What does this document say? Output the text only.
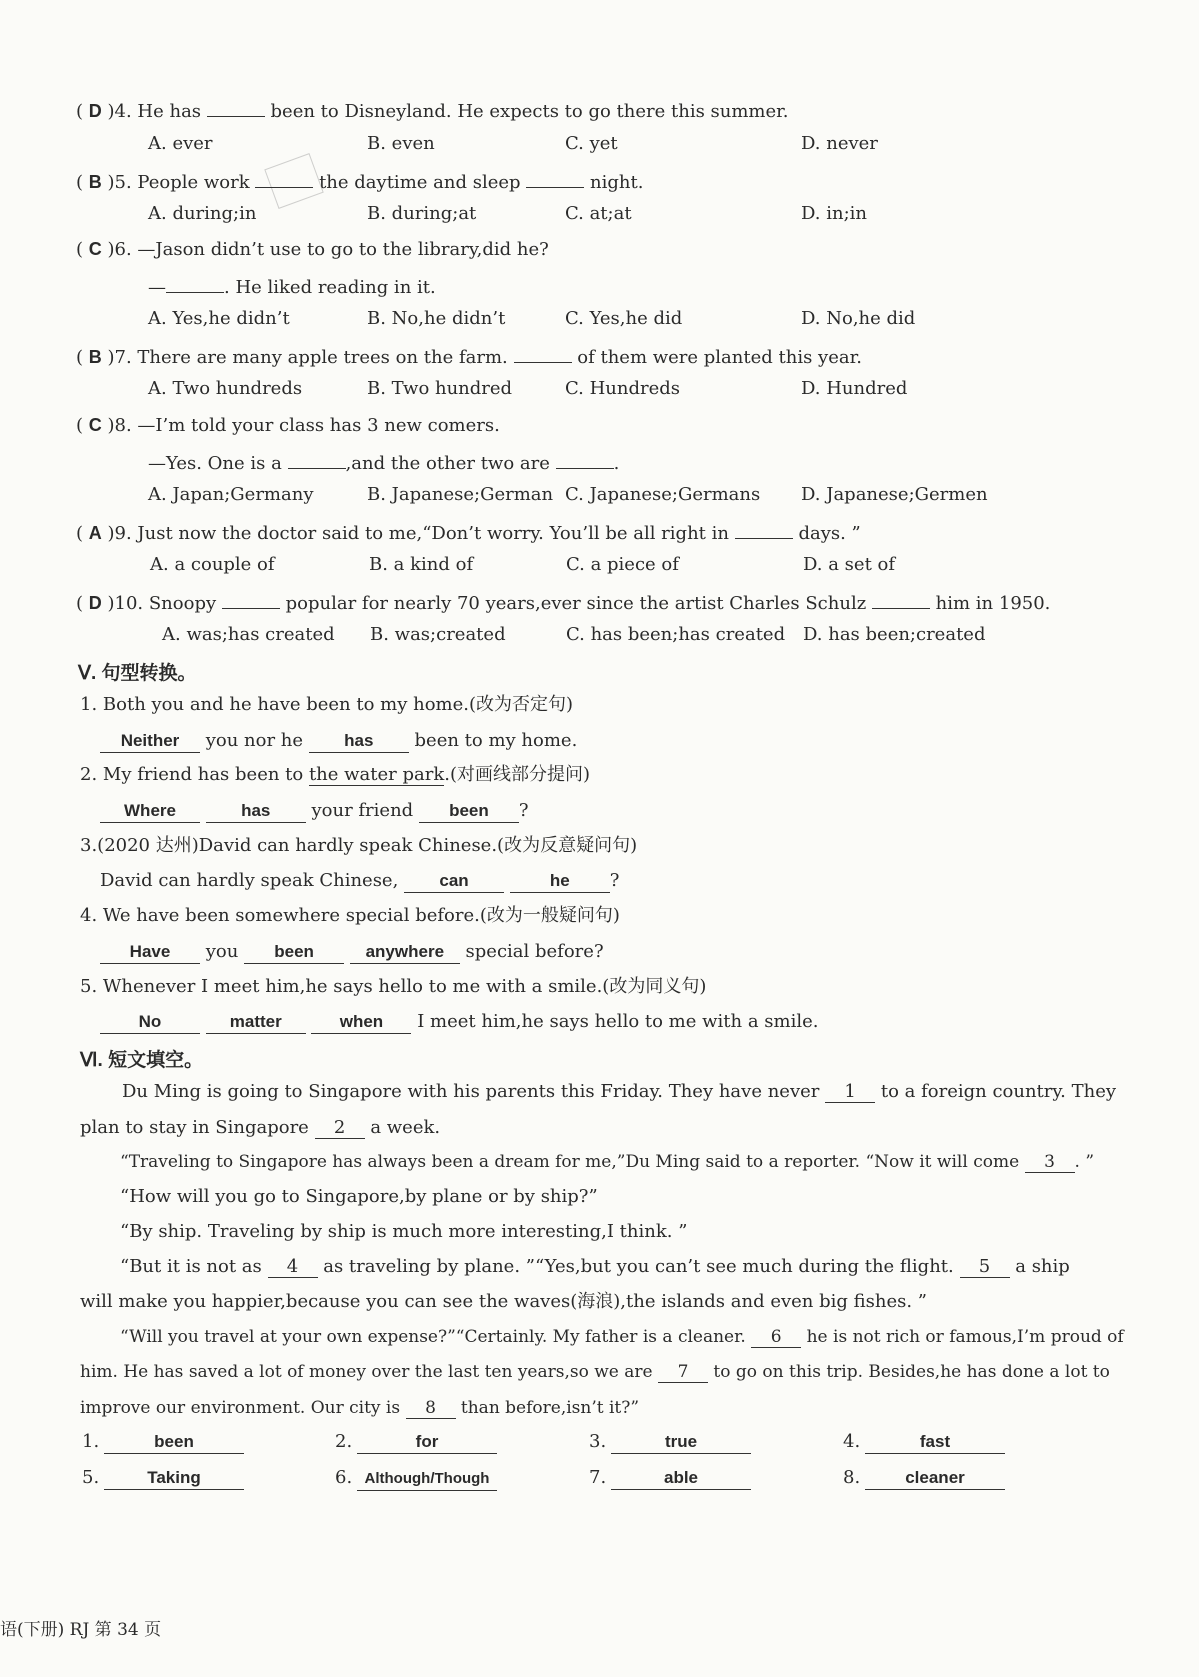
( D )4. He has	been to Disneyland. He expects to go there this summer.
A. ever	B. even	C. yet	D. never
( B )5. People work	the daytime and sleep	night.
A. during;in	B. during;at	C. at;at	D. in;in
( C )6. —Jason didn’t use to go to the library,did he?
—	. He liked reading in it.
A. Yes,he didn’t	B. No,he didn’t	C. Yes,he did	D. No,he did
( B )7. There are many apple trees on the farm.	of them were planted this year.
A. Two hundreds	B. Two hundred	C. Hundreds	D. Hundred
( C )8. —I’m told your class has 3 new comers.
—Yes. One is a	,and the other two are	.
A. Japan;Germany	B. Japanese;German C. Japanese;Germans D. Japanese;Germen
( A )9. Just now the doctor said to me,“Don’t worry. You’ll be all right in	days. ”
A. a couple of	B. a kind of	C. a piece of	D. a set of
( D )10. Snoopy	popular for nearly 70 years,ever since the artist Charles Schulz	him in 1950.
A. was;has created B. was;created	C. has been;has created D. has been;created
Ⅴ. 句型转换。
1. Both you and he have been to my home.(改为否定句)
Neither you nor he has been to my home.
2. My friend has been to the water park.(对画线部分提问)
Where	has your friend been ?
3.(2020 达州)David can hardly speak Chinese.(改为反意疑问句)
David can hardly speak Chinese, can	he ?
4. We have been somewhere special before.(改为一般疑问句)
Have you been	anywhere special before?
5. Whenever I meet him,he says hello to me with a smile.(改为同义句)
No	matter	when I meet him,he says hello to me with a smile.
Ⅵ. 短文填空。
Du Ming is going to Singapore with his parents this Friday. They have never 1 to a foreign country. They
plan to stay in Singapore 2 a week.
“Traveling to Singapore has always been a dream for me,”Du Ming said to a reporter. “Now it will come 3 . ”
“How will you go to Singapore,by plane or by ship?”
“By ship. Traveling by ship is much more interesting,I think. ”
“But it is not as 4 as traveling by plane. ”“Yes,but you can’t see much during the flight. 5 a ship
will make you happier,because you can see the waves(海浪),the islands and even big fishes. ”
“Will you travel at your own expense?”“Certainly. My father is a cleaner. 6 he is not rich or famous,I’m proud of
him. He has saved a lot of money over the last ten years,so we are 7 to go on this trip. Besides,he has done a lot to
improve our environment. Our city is 8 than before,isn’t it?”
1.	been	2.	for	3.	true	4.	fast
5.	Taking	6. Although/Though	7.	able	8.	cleaner
语(下册) RJ 第 34 页
